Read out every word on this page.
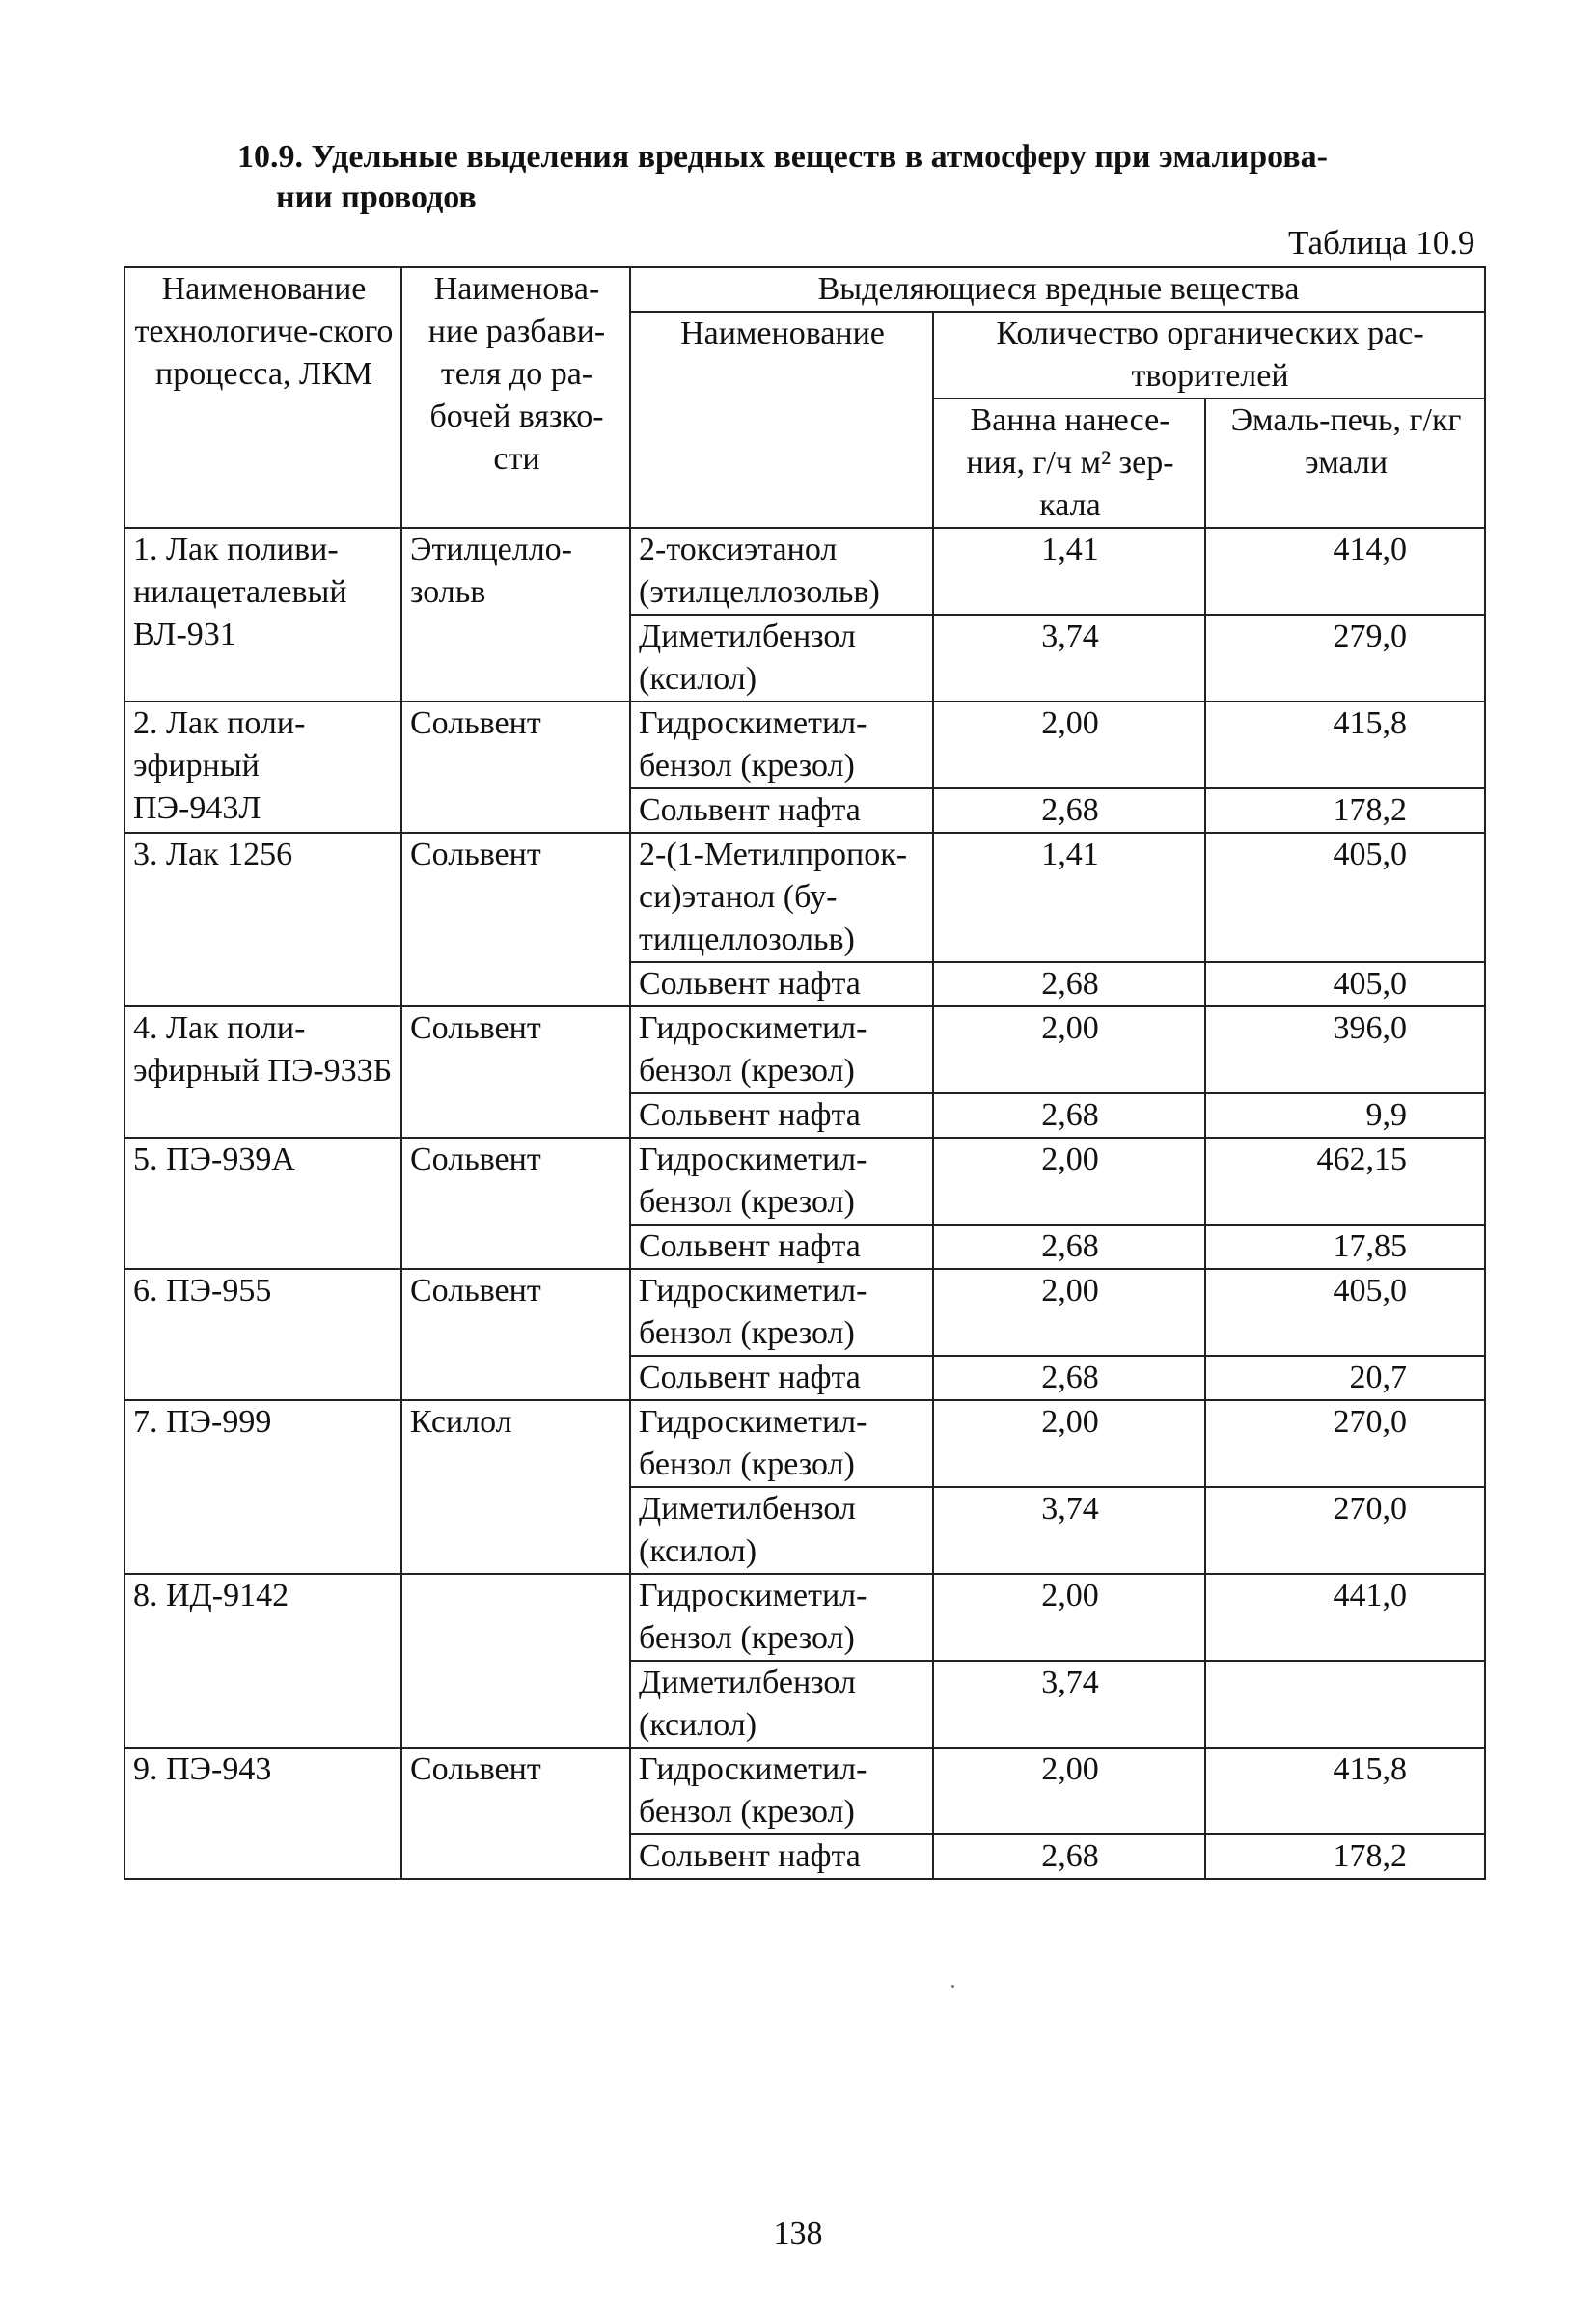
10.9. Удельные выделения вредных веществ в атмосферу при эмалирова-
нии проводов
Таблица 10.9
Наименование технологиче-ского процесса, ЛКМ	Наименова-ние разбави-теля до ра-бочей вязко-сти	Выделяющиеся вредные вещества		
		Наименование	Количество органических рас-творителей	
			Ванна нанесе-ния, г/ч м² зер-кала	Эмаль-печь, г/кг эмали
1. Лак поливи-нилацеталевый ВЛ-931	Этилцелло-зольв	2-токсиэтанол (этилцеллозольв)	1,41	414,0
		Диметилбензол (ксилол)	3,74	279,0
2. Лак поли-эфирный ПЭ-943Л	Сольвент	Гидроскиметил-бензол (крезол)	2,00	415,8
		Сольвент нафта	2,68	178,2
3. Лак 1256	Сольвент	2-(1-Метилпропок-си)этанол (бу-тилцеллозольв)	1,41	405,0
		Сольвент нафта	2,68	405,0
4. Лак поли-эфирный ПЭ-933Б	Сольвент	Гидроскиметил-бензол (крезол)	2,00	396,0
		Сольвент нафта	2,68	9,9
5. ПЭ-939А	Сольвент	Гидроскиметил-бензол (крезол)	2,00	462,15
		Сольвент нафта	2,68	17,85
6. ПЭ-955	Сольвент	Гидроскиметил-бензол (крезол)	2,00	405,0
		Сольвент нафта	2,68	20,7
7. ПЭ-999	Ксилол	Гидроскиметил-бензол (крезол)	2,00	270,0
		Диметилбензол (ксилол)	3,74	270,0
8. ИД-9142		Гидроскиметил-бензол (крезол)	2,00	441,0
		Диметилбензол (ксилол)	3,74	
9. ПЭ-943	Сольвент	Гидроскиметил-бензол (крезол)	2,00	415,8
		Сольвент нафта	2,68	178,2
138
